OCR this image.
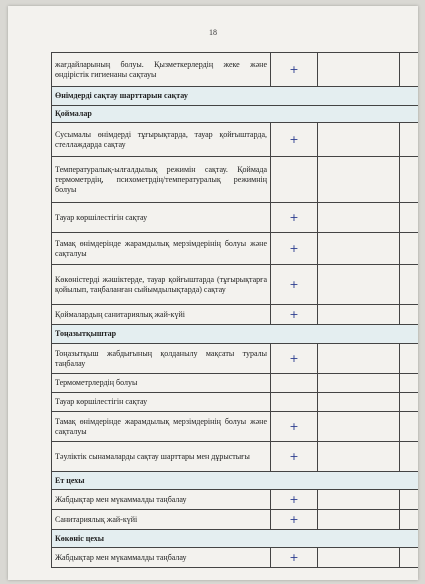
18
жағдайларының болуы. Қызметкерлердің жеке және өндірістік гигиенаны сақтауы	+		
Өнімдерді сақтау шарттарын сақтау			
Қоймалар			
Сусымалы өнімдерді тұғырықтарда, тауар қойғыштарда, стеллаждарда сақтау	+		
Температуралық-ылғалдылық режимін сақтау. Қоймада термометрдің, психометрдің/температуралық режимнің болуы			
Тауар көршілестігін сақтау	+		
Тамақ өнімдерінде жарамдылық мерзімдерінің болуы және сақталуы	+		
Көкөністерді жәшіктерде, тауар қойғыштарда (тұғырықтарға қойылып, таңбаланған сыйымдылықтарда) сақтау	+		
Қоймалардың санитариялық жай-күйі	+		
Тоңазытқыштар			
Тоңазытқыш жабдығының қолданылу мақсаты туралы таңбалау	+		
Термометрлердің болуы			
Тауар көршілестігін сақтау			
Тамақ өнімдерінде жарамдылық мерзімдерінің болуы және сақталуы	+		
Тәуліктік сынамаларды сақтау шарттары мен дұрыстығы	+		
Ет цехы			
Жабдықтар мен мүкаммалды таңбалау	+		
Санитариялық жай-күйі	+		
Көкөніс цехы			
Жабдықтар мен мүкаммалды таңбалау	+		
